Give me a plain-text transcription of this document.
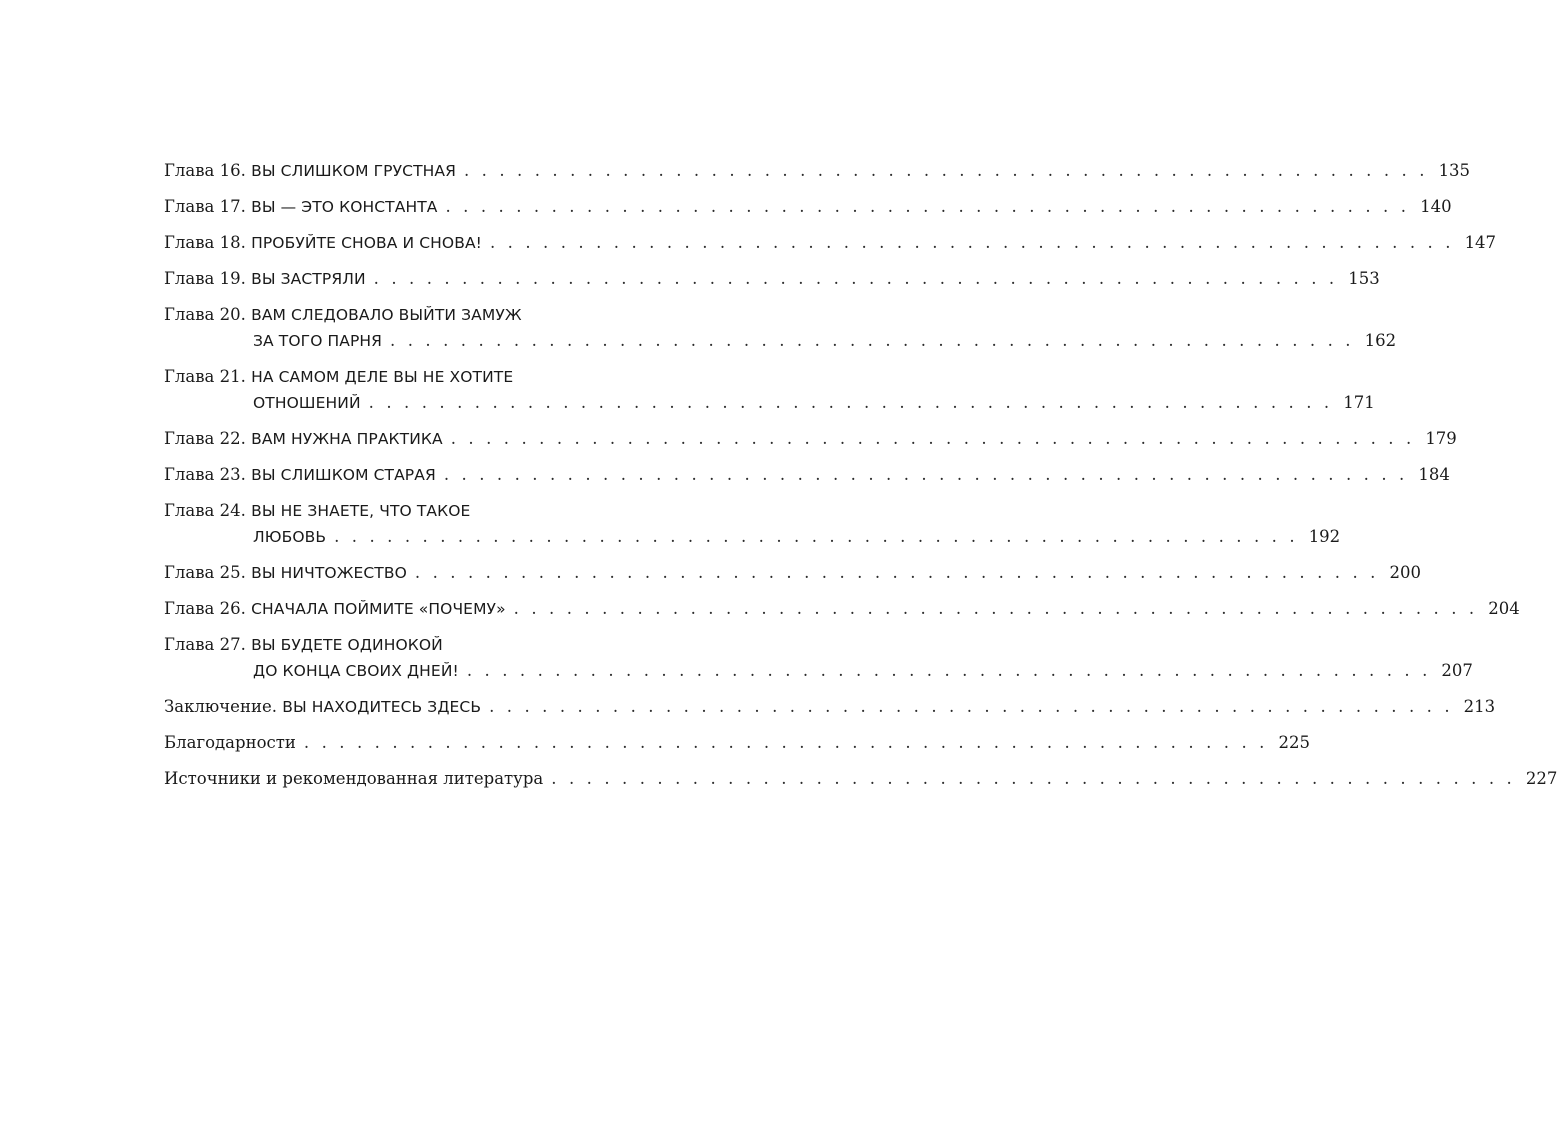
Глава 16. ВЫ СЛИШКОМ ГРУСТНАЯ . . . . . . . . . . . . . . . . . . . . . . . . . . . . . . . . . . . . . . . . . . . . . . . . . . . . . . . 135
Глава 17. ВЫ — ЭТО КОНСТАНТА . . . . . . . . . . . . . . . . . . . . . . . . . . . . . . . . . . . . . . . . . . . . . . . . . . . . . . . 140
Глава 18. ПРОБУЙТЕ СНОВА И СНОВА! . . . . . . . . . . . . . . . . . . . . . . . . . . . . . . . . . . . . . . . . . . . . . . . . . . . . . . . 147
Глава 19. ВЫ ЗАСТРЯЛИ . . . . . . . . . . . . . . . . . . . . . . . . . . . . . . . . . . . . . . . . . . . . . . . . . . . . . . . 153
Глава 20. ВАМ СЛЕДОВАЛО ВЫЙТИ ЗАМУЖ
ЗА ТОГО ПАРНЯ . . . . . . . . . . . . . . . . . . . . . . . . . . . . . . . . . . . . . . . . . . . . . . . . . . . . . . . 162
Глава 21. НА САМОМ ДЕЛЕ ВЫ НЕ ХОТИТЕ
ОТНОШЕНИЙ . . . . . . . . . . . . . . . . . . . . . . . . . . . . . . . . . . . . . . . . . . . . . . . . . . . . . . . 171
Глава 22. ВАМ НУЖНА ПРАКТИКА . . . . . . . . . . . . . . . . . . . . . . . . . . . . . . . . . . . . . . . . . . . . . . . . . . . . . . . 179
Глава 23. ВЫ СЛИШКОМ СТАРАЯ . . . . . . . . . . . . . . . . . . . . . . . . . . . . . . . . . . . . . . . . . . . . . . . . . . . . . . . 184
Глава 24. ВЫ НЕ ЗНАЕТЕ, ЧТО ТАКОЕ
ЛЮБОВЬ . . . . . . . . . . . . . . . . . . . . . . . . . . . . . . . . . . . . . . . . . . . . . . . . . . . . . . . 192
Глава 25. ВЫ НИЧТОЖЕСТВО . . . . . . . . . . . . . . . . . . . . . . . . . . . . . . . . . . . . . . . . . . . . . . . . . . . . . . . 200
Глава 26. СНАЧАЛА ПОЙМИТЕ «ПОЧЕМУ» . . . . . . . . . . . . . . . . . . . . . . . . . . . . . . . . . . . . . . . . . . . . . . . . . . . . . . . 204
Глава 27. ВЫ БУДЕТЕ ОДИНОКОЙ
ДО КОНЦА СВОИХ ДНЕЙ! . . . . . . . . . . . . . . . . . . . . . . . . . . . . . . . . . . . . . . . . . . . . . . . . . . . . . . . 207
Заключение. ВЫ НАХОДИТЕСЬ ЗДЕСЬ . . . . . . . . . . . . . . . . . . . . . . . . . . . . . . . . . . . . . . . . . . . . . . . . . . . . . . . 213
Благодарности . . . . . . . . . . . . . . . . . . . . . . . . . . . . . . . . . . . . . . . . . . . . . . . . . . . . . . . 225
Источники и рекомендованная литература . . . . . . . . . . . . . . . . . . . . . . . . . . . . . . . . . . . . . . . . . . . . . . . . . . . . . . . 227
